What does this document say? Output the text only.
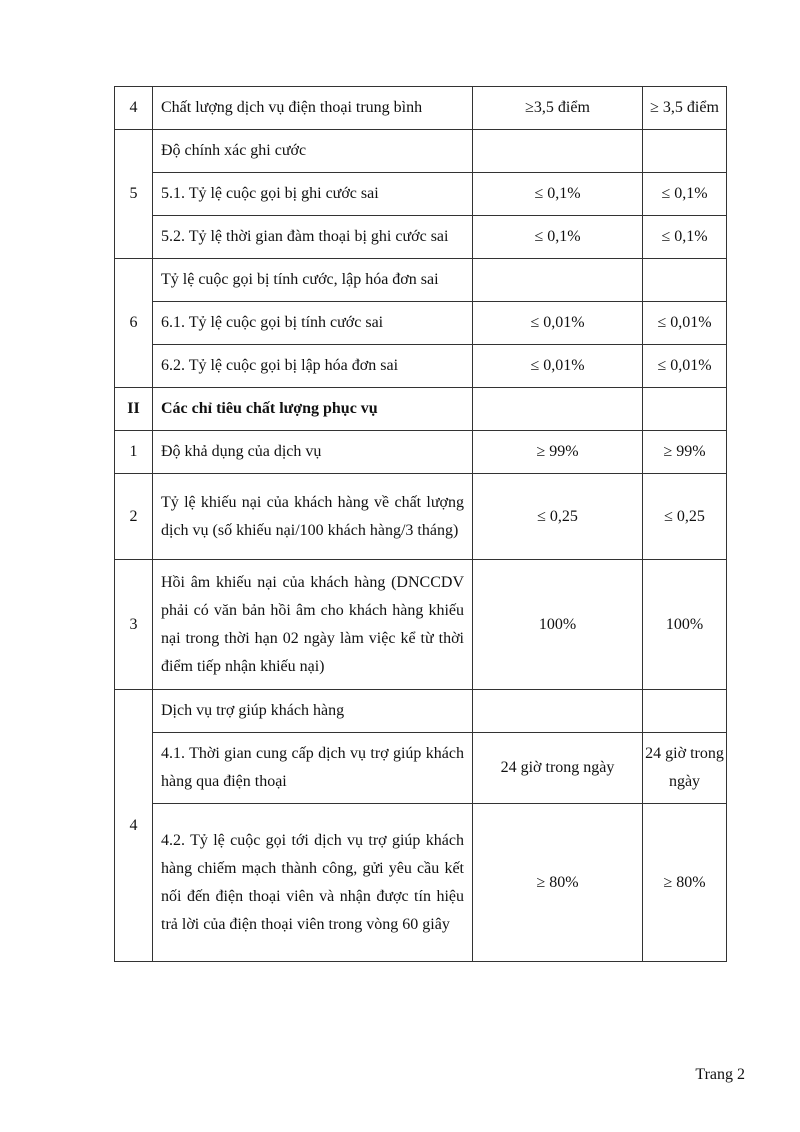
4	Chất lượng dịch vụ điện thoại trung bình	≥3,5 điểm	≥ 3,5 điểm
5	Độ chính xác ghi cước		
	5.1. Tỷ lệ cuộc gọi bị ghi cước sai	≤ 0,1%	≤ 0,1%
	5.2. Tỷ lệ thời gian đàm thoại bị ghi cước sai	≤ 0,1%	≤ 0,1%
6	Tỷ lệ cuộc gọi bị tính cước, lập hóa đơn sai		
	6.1. Tỷ lệ cuộc gọi bị tính cước sai	≤ 0,01%	≤ 0,01%
	6.2. Tỷ lệ cuộc gọi bị lập hóa đơn sai	≤ 0,01%	≤ 0,01%
II	Các chỉ tiêu chất lượng phục vụ		
1	Độ khả dụng của dịch vụ	≥ 99%	≥ 99%
2	Tỷ lệ khiếu nại của khách hàng về chất lượng dịch vụ (số khiếu nại/100 khách hàng/3 tháng)	≤ 0,25	≤ 0,25
3	Hồi âm khiếu nại của khách hàng (DNCCDV phải có văn bản hồi âm cho khách hàng khiếu nại trong thời hạn 02 ngày làm việc kể từ thời điểm tiếp nhận khiếu nại)	100%	100%
4	Dịch vụ trợ giúp khách hàng		
	4.1. Thời gian cung cấp dịch vụ trợ giúp khách hàng qua điện thoại	24 giờ trong ngày	24 giờ trong ngày
	4.2. Tỷ lệ cuộc gọi tới dịch vụ trợ giúp khách hàng chiếm mạch thành công, gửi yêu cầu kết nối đến điện thoại viên và nhận được tín hiệu trả lời của điện thoại viên trong vòng 60 giây	≥ 80%	≥ 80%
Trang 2
